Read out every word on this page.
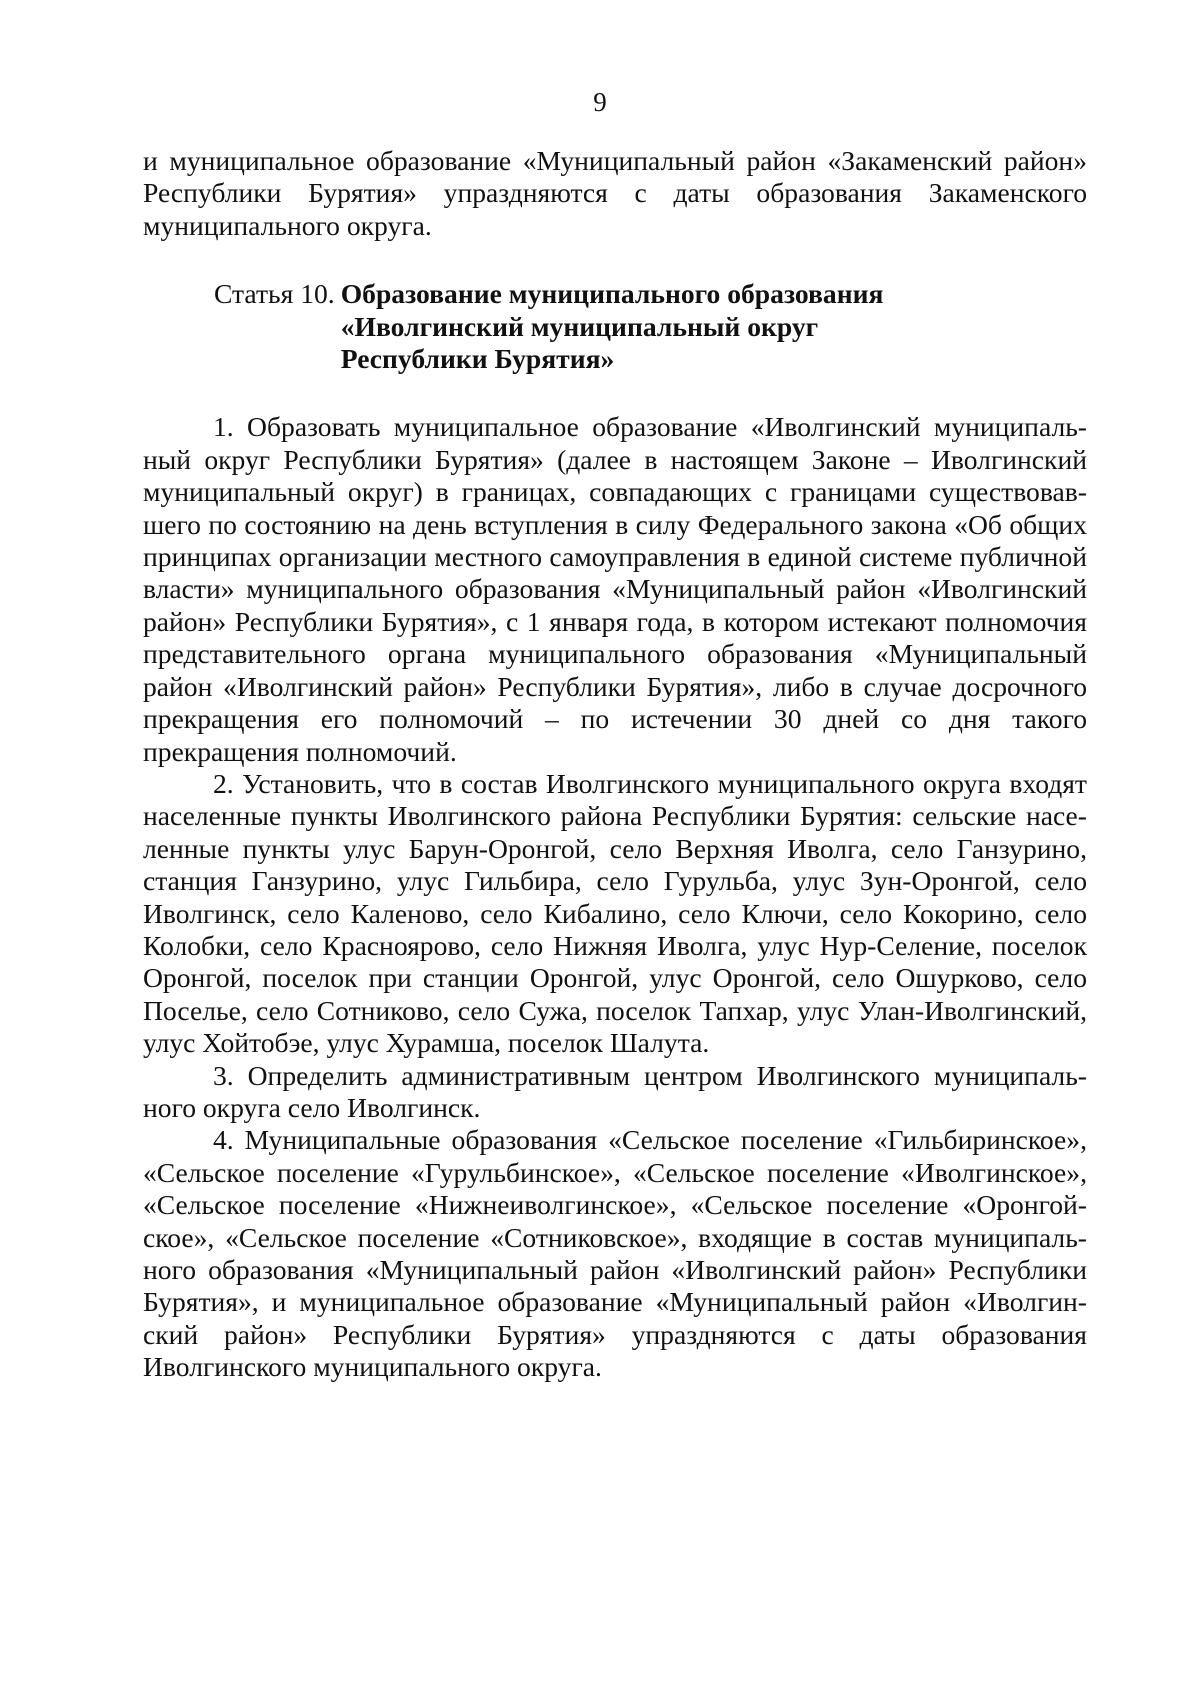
9

и муниципальное образование «Муниципальный район «Закаменский район» Республики Бурятия» упраздняются с даты образования Закаменского муниципального округа.

Статья 10. Образование муниципального образования
«Иволгинский муниципальный округ
Республики Бурятия»

1. Образовать муниципальное образование «Иволгинский муниципальный округ Республики Бурятия» (далее в настоящем Законе – Иволгинский муниципальный округ) в границах, совпадающих с границами существовавшего по состоянию на день вступления в силу Федерального закона «Об общих принципах организации местного самоуправления в единой системе публичной власти» муниципального образования «Муниципальный район «Иволгинский район» Республики Бурятия», с 1 января года, в котором истекают полномочия представительного органа муниципального образования «Муниципальный район «Иволгинский район» Республики Бурятия», либо в случае досрочного прекращения его полномочий – по истечении 30 дней со дня такого прекращения полномочий.

2. Установить, что в состав Иволгинского муниципального округа входят населенные пункты Иволгинского района Республики Бурятия: сельские населенные пункты улус Барун-Оронгой, село Верхняя Иволга, село Ганзурино, станция Ганзурино, улус Гильбира, село Гурульба, улус Зун-Оронгой, село Иволгинск, село Каленово, село Кибалино, село Ключи, село Кокорино, село Колобки, село Красноярово, село Нижняя Иволга, улус Нур-Селение, поселок Оронгой, поселок при станции Оронгой, улус Оронгой, село Ошурково, село Поселье, село Сотниково, село Сужа, поселок Тапхар, улус Улан-Иволгинский, улус Хойтобэе, улус Хурамша, поселок Шалута.

3. Определить административным центром Иволгинского муниципального округа село Иволгинск.

4. Муниципальные образования «Сельское поселение «Гильбиринское», «Сельское поселение «Гурульбинское», «Сельское поселение «Иволгинское», «Сельское поселение «Нижнеиволгинское», «Сельское поселение «Оронгойское», «Сельское поселение «Сотниковское», входящие в состав муниципального образования «Муниципальный район «Иволгинский район» Республики Бурятия», и муниципальное образование «Муниципальный район «Иволгинский район» Республики Бурятия» упраздняются с даты образования Иволгинского муниципального округа.
